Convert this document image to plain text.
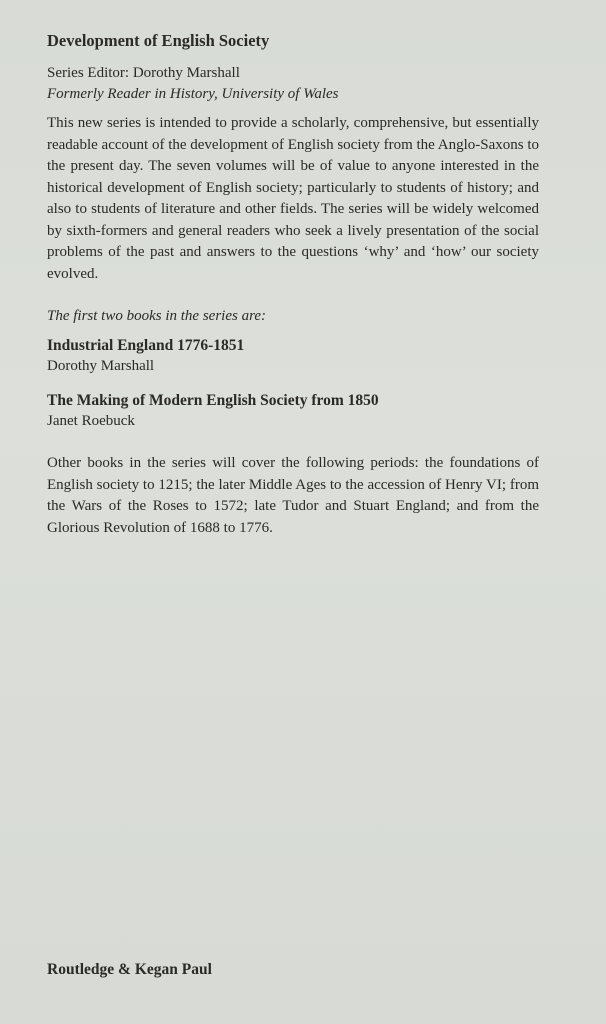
Development of English Society
Series Editor: Dorothy Marshall
Formerly Reader in History, University of Wales

This new series is intended to provide a scholarly, comprehensive, but essentially readable account of the development of English society from the Anglo-Saxons to the present day. The seven volumes will be of value to anyone interested in the historical development of English society; particularly to students of history; and also to students of literature and other fields. The series will be widely welcomed by sixth-formers and general readers who seek a lively presentation of the social problems of the past and answers to the questions ‘why’ and ‘how’ our society evolved.

The first two books in the series are:
Industrial England 1776-1851
Dorothy Marshall
The Making of Modern English Society from 1850
Janet Roebuck

Other books in the series will cover the following periods: the foundations of English society to 1215; the later Middle Ages to the accession of Henry VI; from the Wars of the Roses to 1572; late Tudor and Stuart England; and from the Glorious Revolution of 1688 to 1776.

Routledge & Kegan Paul
